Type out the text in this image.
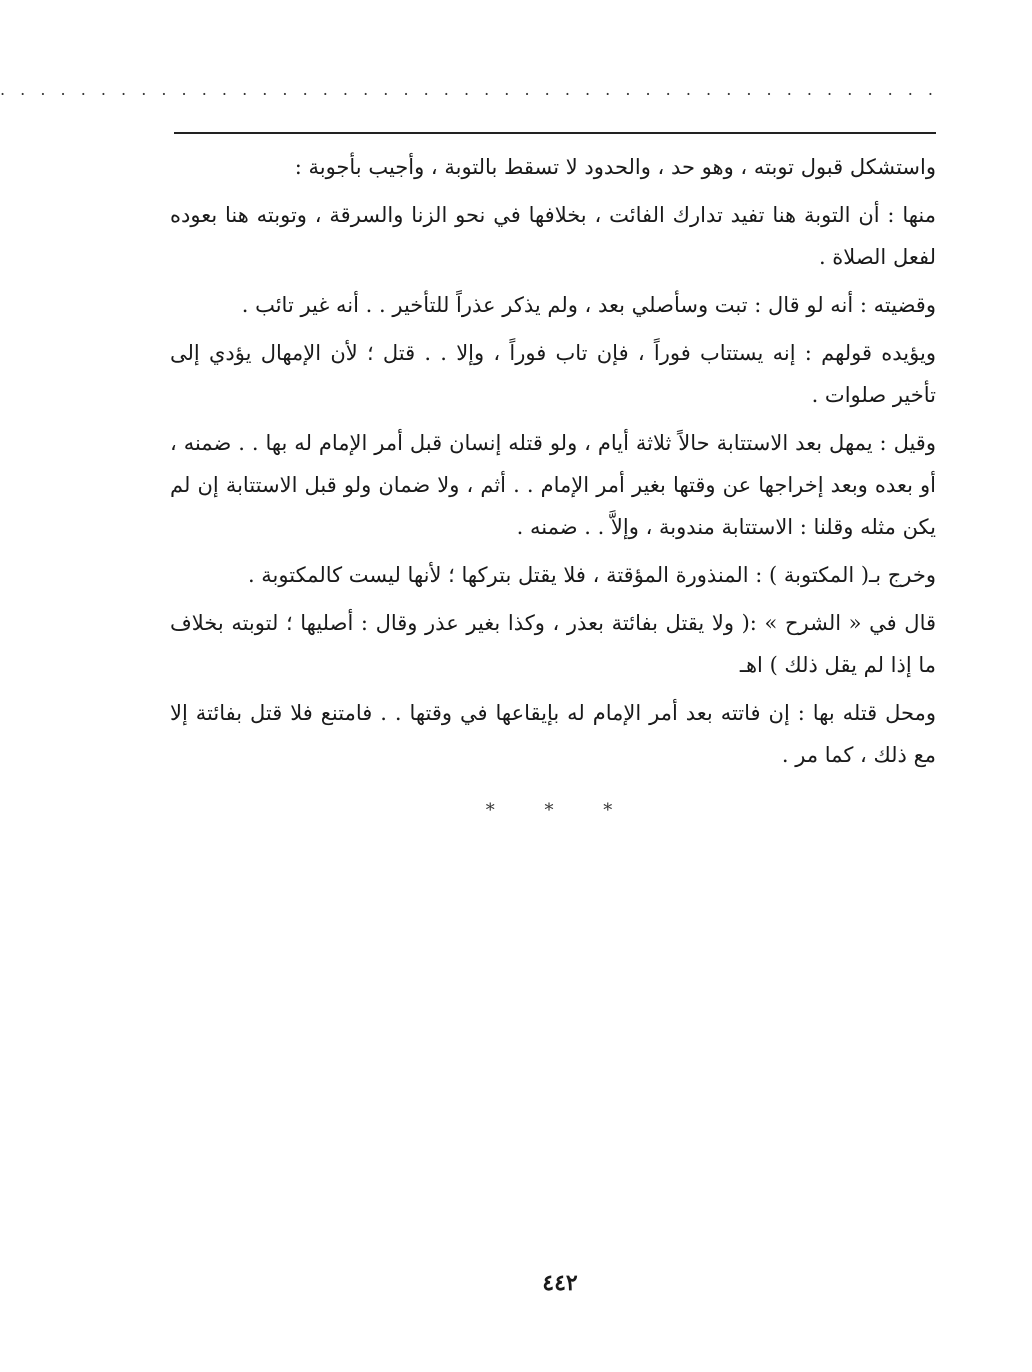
. . . . . . . . . . . . . . . . . . . . . . . . . . . . . . . . . . . . . . . . . . . . . . .

واستشكل قبول توبته ، وهو حد ، والحدود لا تسقط بالتوبة ، وأجيب بأجوبة :

منها : أن التوبة هنا تفيد تدارك الفائت ، بخلافها في نحو الزنا والسرقة ، وتوبته هنا بعوده لفعل الصلاة .

وقضيته : أنه لو قال : تبت وسأصلي بعد ، ولم يذكر عذراً للتأخير . . أنه غير تائب .

ويؤيده قولهم : إنه يستتاب فوراً ، فإن تاب فوراً ، وإلا . . قتل ؛ لأن الإمهال يؤدي إلى تأخير صلوات .

وقيل : يمهل بعد الاستتابة حالاً ثلاثة أيام ، ولو قتله إنسان قبل أمر الإمام له بها . . ضمنه ، أو بعده وبعد إخراجها عن وقتها بغير أمر الإمام . . أثم ، ولا ضمان ولو قبل الاستتابة إن لم يكن مثله وقلنا : الاستتابة مندوبة ، وإلاَّ . . ضمنه .

وخرج بـ( المكتوبة ) : المنذورة المؤقتة ، فلا يقتل بتركها ؛ لأنها ليست كالمكتوبة .

قال في « الشرح » :( ولا يقتل بفائتة بعذر ، وكذا بغير عذر وقال : أصليها ؛ لتوبته بخلاف ما إذا لم يقل ذلك ) اهـ

ومحل قتله بها : إن فاتته بعد أمر الإمام له بإيقاعها في وقتها . . فامتنع فلا قتل بفائتة إلا مع ذلك ، كما مر .

* * *
٤٤٢
